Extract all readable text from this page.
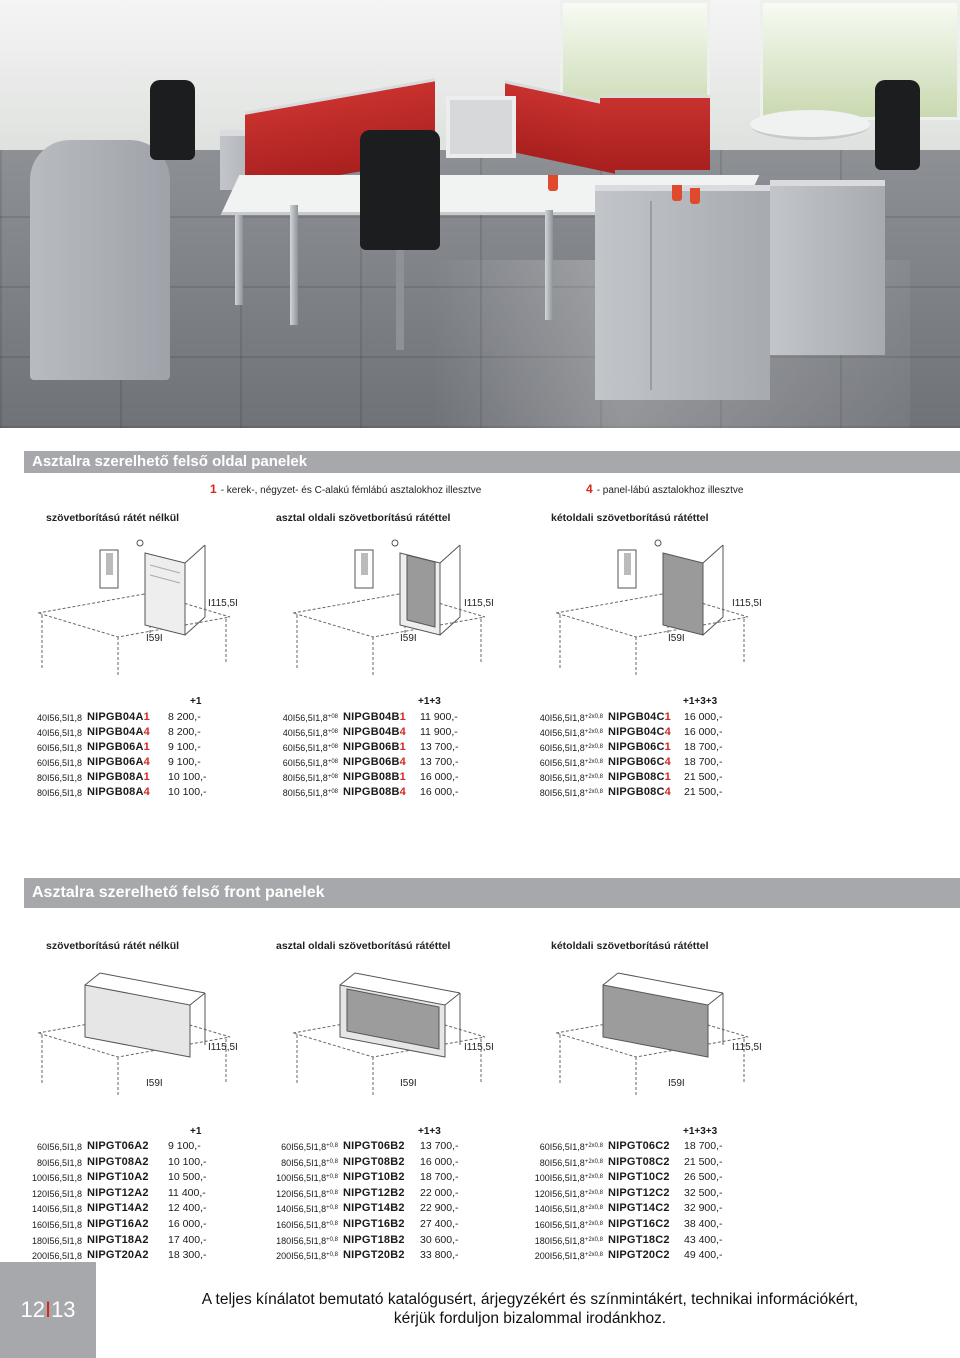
Asztalra szerelhető felső oldal panelek
1 - kerek-, négyzet- és C-alakú fémlábú asztalokhoz illesztve	4 - panel-lábú asztalokhoz illesztve
szövetborítású rátét nélkül	asztal oldali szövetborítású rátéttel	kétoldali szövetborítású rátéttel
I115,5I
I59I
I115,5I
I59I
I115,5I
I59I
+1	+1+3	+1+3+3
40I56,5I1,8 NIPGB04A1 8 200,-
40I56,5I1,8 NIPGB04A4 8 200,-
60I56,5I1,8 NIPGB06A1 9 100,-
60I56,5I1,8 NIPGB06A4 9 100,-
80I56,5I1,8 NIPGB08A1 10 100,-
80I56,5I1,8 NIPGB08A4 10 100,-
$40I56,5I1,8^{+08}$ NIPGB04B1 11 900,-
$40I56,5I1,8^{+08}$ NIPGB04B4 11 900,-
$60I56,5I1,8^{+08}$ NIPGB06B1 13 700,-
$60I56,5I1,8^{+08}$ NIPGB06B4 13 700,-
$80I56,5I1,8^{+08}$ NIPGB08B1 16 000,-
$80I56,5I1,8^{+08}$ NIPGB08B4 16 000,-
$40I56,5I1,8^{+2x0,8}$ NIPGB04C1 16 000,-
$40I56,5I1,8^{+2x0,8}$ NIPGB04C4 16 000,-
$60I56,5I1,8^{+2x0,8}$ NIPGB06C1 18 700,-
$60I56,5I1,8^{+2x0,8}$ NIPGB06C4 18 700,-
$80I56,5I1,8^{+2x0,8}$ NIPGB08C1 21 500,-
$80I56,5I1,8^{+2x0,8}$ NIPGB08C4 21 500,-
Asztalra szerelhető felső front panelek
szövetborítású rátét nélkül	asztal oldali szövetborítású rátéttel	kétoldali szövetborítású rátéttel
I115,5I
I59I
I115,5I
I59I
I115,5I
I59I
+1	+1+3	+1+3+3
60I56,5I1,8 NIPGT06A2 9 100,-
80I56,5I1,8 NIPGT08A2 10 100,-
100I56,5I1,8 NIPGT10A2 10 500,-
120I56,5I1,8 NIPGT12A2 11 400,-
140I56,5I1,8 NIPGT14A2 12 400,-
160I56,5I1,8 NIPGT16A2 16 000,-
180I56,5I1,8 NIPGT18A2 17 400,-
200I56,5I1,8 NIPGT20A2 18 300,-
$60I56,5I1,8^{+0,8}$ NIPGT06B2 13 700,-
$80I56,5I1,8^{+0,8}$ NIPGT08B2 16 000,-
$100I56,5I1,8^{+0,8}$ NIPGT10B2 18 700,-
$120I56,5I1,8^{+0,8}$ NIPGT12B2 22 000,-
$140I56,5I1,8^{+0,8}$ NIPGT14B2 22 900,-
$160I56,5I1,8^{+0,8}$ NIPGT16B2 27 400,-
$180I56,5I1,8^{+0,8}$ NIPGT18B2 30 600,-
$200I56,5I1,8^{+0,8}$ NIPGT20B2 33 800,-
$60I56,5I1,8^{+2x0,8}$ NIPGT06C2 18 700,-
$80I56,5I1,8^{+2x0,8}$ NIPGT08C2 21 500,-
$100I56,5I1,8^{+2x0,8}$ NIPGT10C2 26 500,-
$120I56,5I1,8^{+2x0,8}$ NIPGT12C2 32 500,-
$140I56,5I1,8^{+2x0,8}$ NIPGT14C2 32 900,-
$160I56,5I1,8^{+2x0,8}$ NIPGT16C2 38 400,-
$180I56,5I1,8^{+2x0,8}$ NIPGT18C2 43 400,-
$200I56,5I1,8^{+2x0,8}$ NIPGT20C2 49 400,-
12I13	A teljes kínálatot bemutató katalógusért, árjegyzékért és színmintákért, technikai információkért,
kérjük forduljon bizalommal irodánkhoz.
